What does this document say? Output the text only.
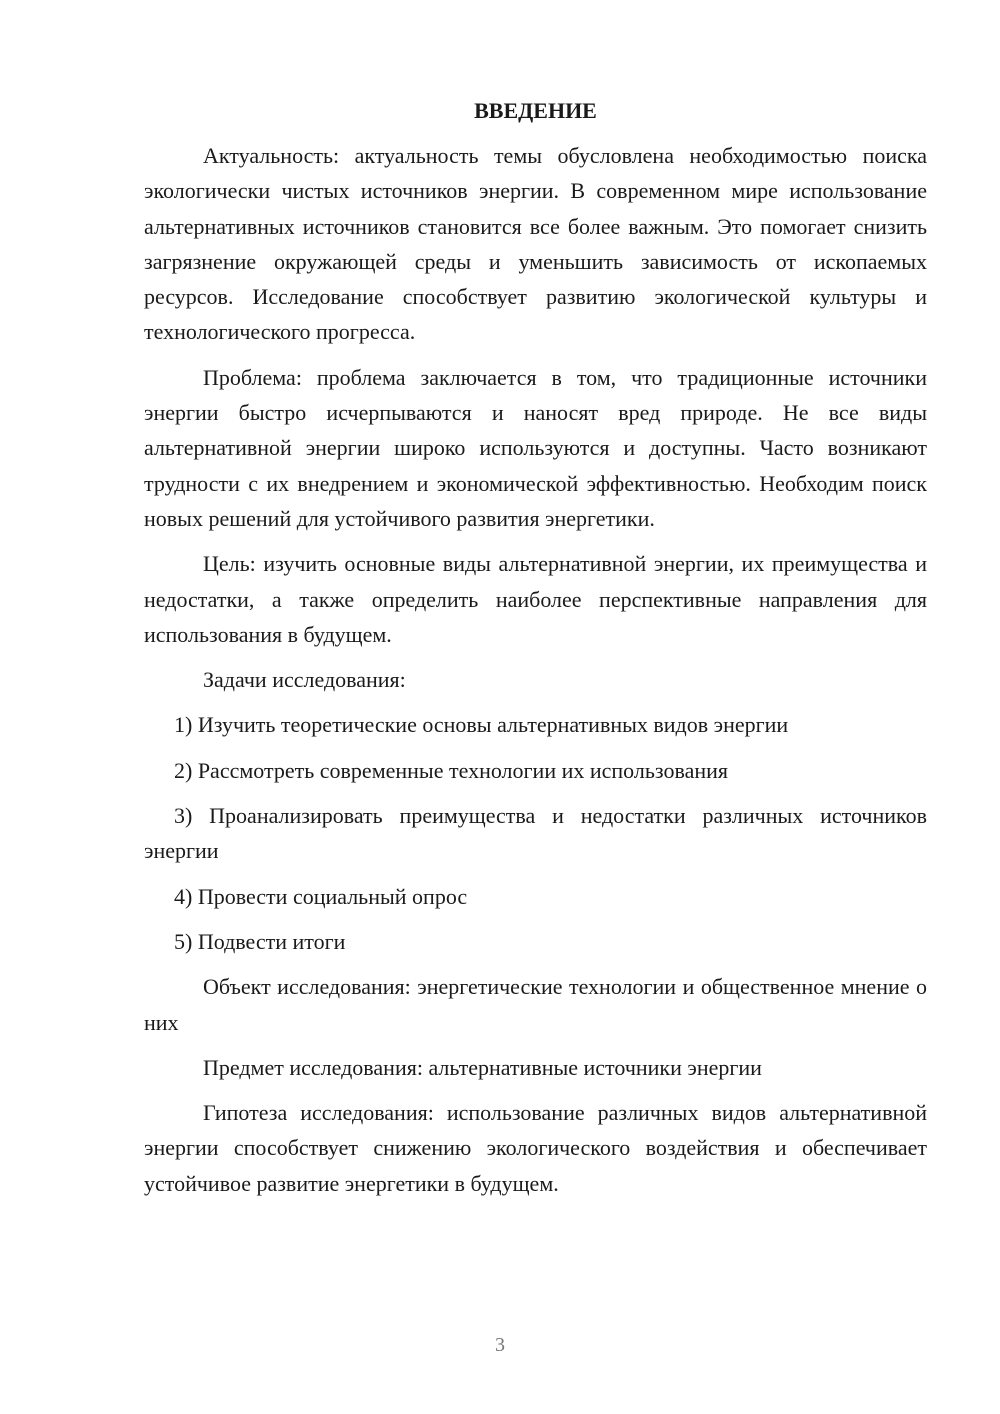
ВВЕДЕНИЕ

Актуальность: актуальность темы обусловлена необходимостью поиска экологически чистых источников энергии. В современном мире использование альтернативных источников становится все более важным. Это помогает снизить загрязнение окружающей среды и уменьшить зависимость от ископаемых ресурсов. Исследование способствует развитию экологической культуры и технологического прогресса.

Проблема: проблема заключается в том, что традиционные источники энергии быстро исчерпываются и наносят вред природе. Не все виды альтернативной энергии широко используются и доступны. Часто возникают трудности с их внедрением и экономической эффективностью. Необходим поиск новых решений для устойчивого развития энергетики.

Цель: изучить основные виды альтернативной энергии, их преимущества и недостатки, а также определить наиболее перспективные направления для использования в будущем.

Задачи исследования:

1) Изучить теоретические основы альтернативных видов энергии

2) Рассмотреть современные технологии их использования

3) Проанализировать преимущества и недостатки различных источников энергии

4) Провести социальный опрос

5) Подвести итоги

Объект исследования: энергетические технологии и общественное мнение о них

Предмет исследования: альтернативные источники энергии

Гипотеза исследования: использование различных видов альтернативной энергии способствует снижению экологического воздействия и обеспечивает устойчивое развитие энергетики в будущем.

3
